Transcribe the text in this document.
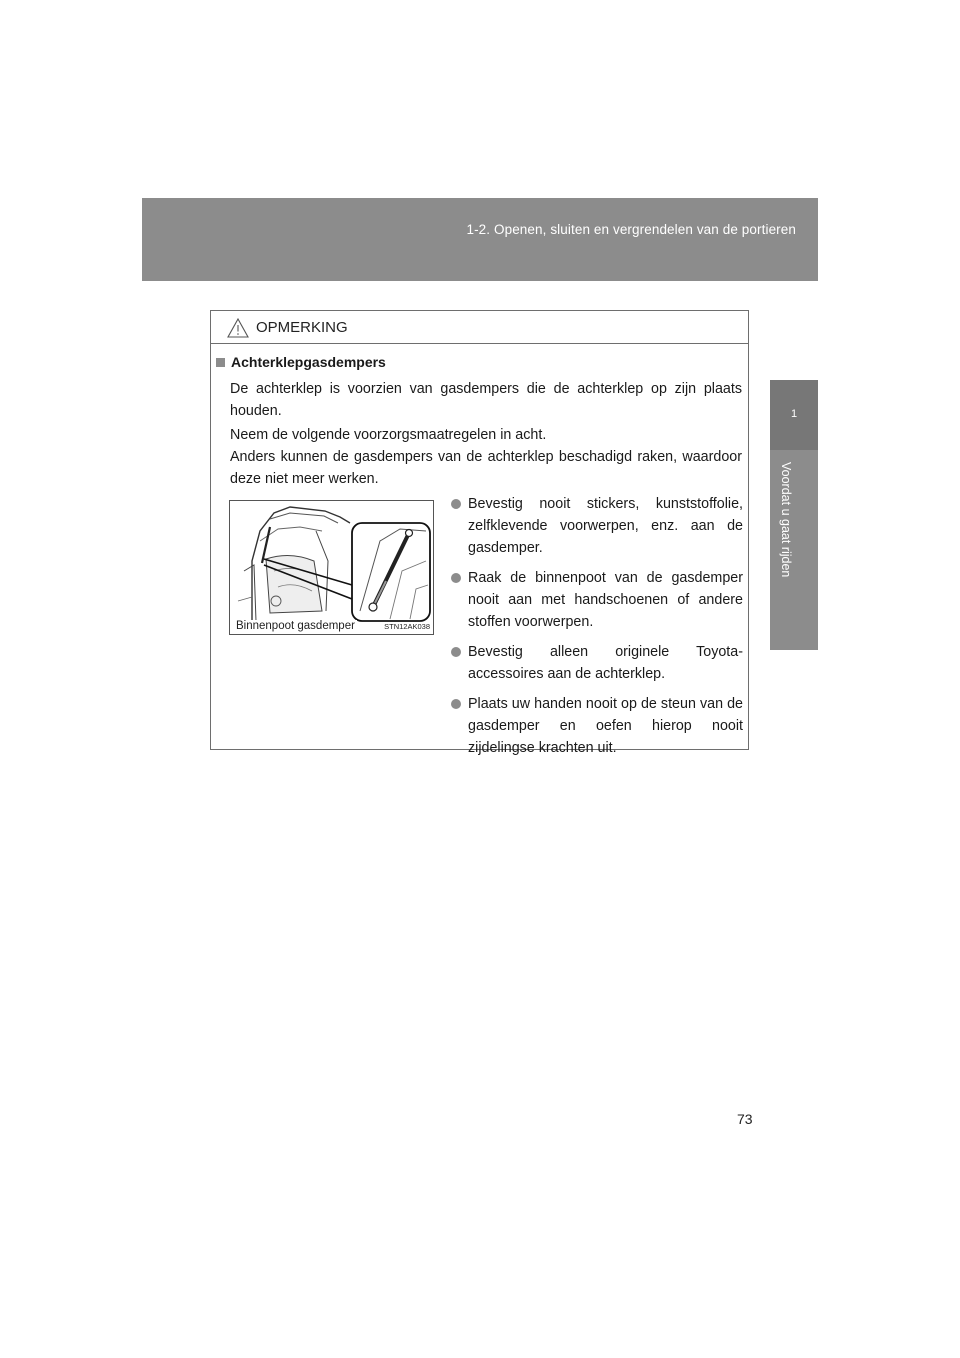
1-2. Openen, sluiten en vergrendelen van de portieren
1
Voordat u gaat rijden
OPMERKING
Achterklepgasdempers
De achterklep is voorzien van gasdempers die de achterklep op zijn plaats houden.
Neem de volgende voorzorgsmaatregelen in acht.
Anders kunnen de gasdempers van de achterklep beschadigd raken, waardoor deze niet meer werken.
Binnenpoot gasdemper	STN12AK038
Bevestig nooit stickers, kunststoffolie, zelfklevende voorwerpen, enz. aan de gasdemper.
Raak de binnenpoot van de gasdemper nooit aan met handschoenen of andere stoffen voorwerpen.
Bevestig alleen originele Toyota-accessoires aan de achterklep.
Plaats uw handen nooit op de steun van de gasdemper en oefen hierop nooit zijdelingse krachten uit.
73
